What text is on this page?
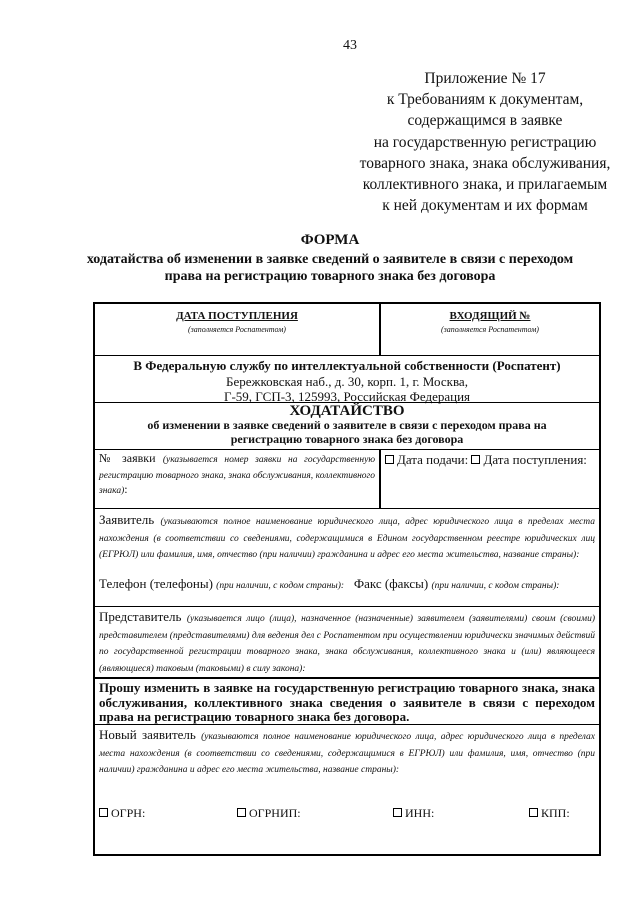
43
Приложение № 17
к Требованиям к документам,
содержащимся в заявке
на государственную регистрацию
товарного знака, знака обслуживания,
коллективного знака, и прилагаемым
к ней документам и их формам
ФОРМА
ходатайства об изменении в заявке сведений о заявителе в связи с переходом
права на регистрацию товарного знака без договора
ДАТА ПОСТУПЛЕНИЯ
(заполняется Роспатентом)
ВХОДЯЩИЙ №
(заполняется Роспатентом)
В Федеральную службу по интеллектуальной собственности (Роспатент)
Бережковская наб., д. 30, корп. 1, г. Москва,
Г-59, ГСП-3, 125993, Российская Федерация
ХОДАТАЙСТВО
об изменении в заявке сведений о заявителе в связи с переходом права на
регистрацию товарного знака без договора
№ заявки (указывается номер заявки на государственную регистрацию товарного знака, знака обслуживания, коллективного знака):
Дата подачи: Дата поступления:
Заявитель (указываются полное наименование юридического лица, адрес юридического лица в пределах места нахождения (в соответствии со сведениями, содержащимися в Едином государственном реестре юридических лиц (ЕГРЮЛ) или фамилия, имя, отчество (при наличии) гражданина и адрес его места жительства, название страны):
Телефон (телефоны) (при наличии, с кодом страны): Факс (факсы) (при наличии, с кодом страны):
Представитель (указывается лицо (лица), назначенное (назначенные) заявителем (заявителями) своим (своими) представителем (представителями) для ведения дел с Роспатентом при осуществлении юридически значимых действий по государственной регистрации товарного знака, знака обслуживания, коллективного знака и (или) являющееся (являющиеся) таковым (таковыми) в силу закона):
Прошу изменить в заявке на государственную регистрацию товарного знака, знака обслуживания, коллективного знака сведения о заявителе в связи с переходом права на регистрацию товарного знака без договора.
Новый заявитель (указываются полное наименование юридического лица, адрес юридического лица в пределах места нахождения (в соответствии со сведениями, содержащимися в ЕГРЮЛ) или фамилия, имя, отчество (при наличии) гражданина и адрес его места жительства, название страны):
ОГРН:	ОГРНИП:	ИНН:	КПП:
